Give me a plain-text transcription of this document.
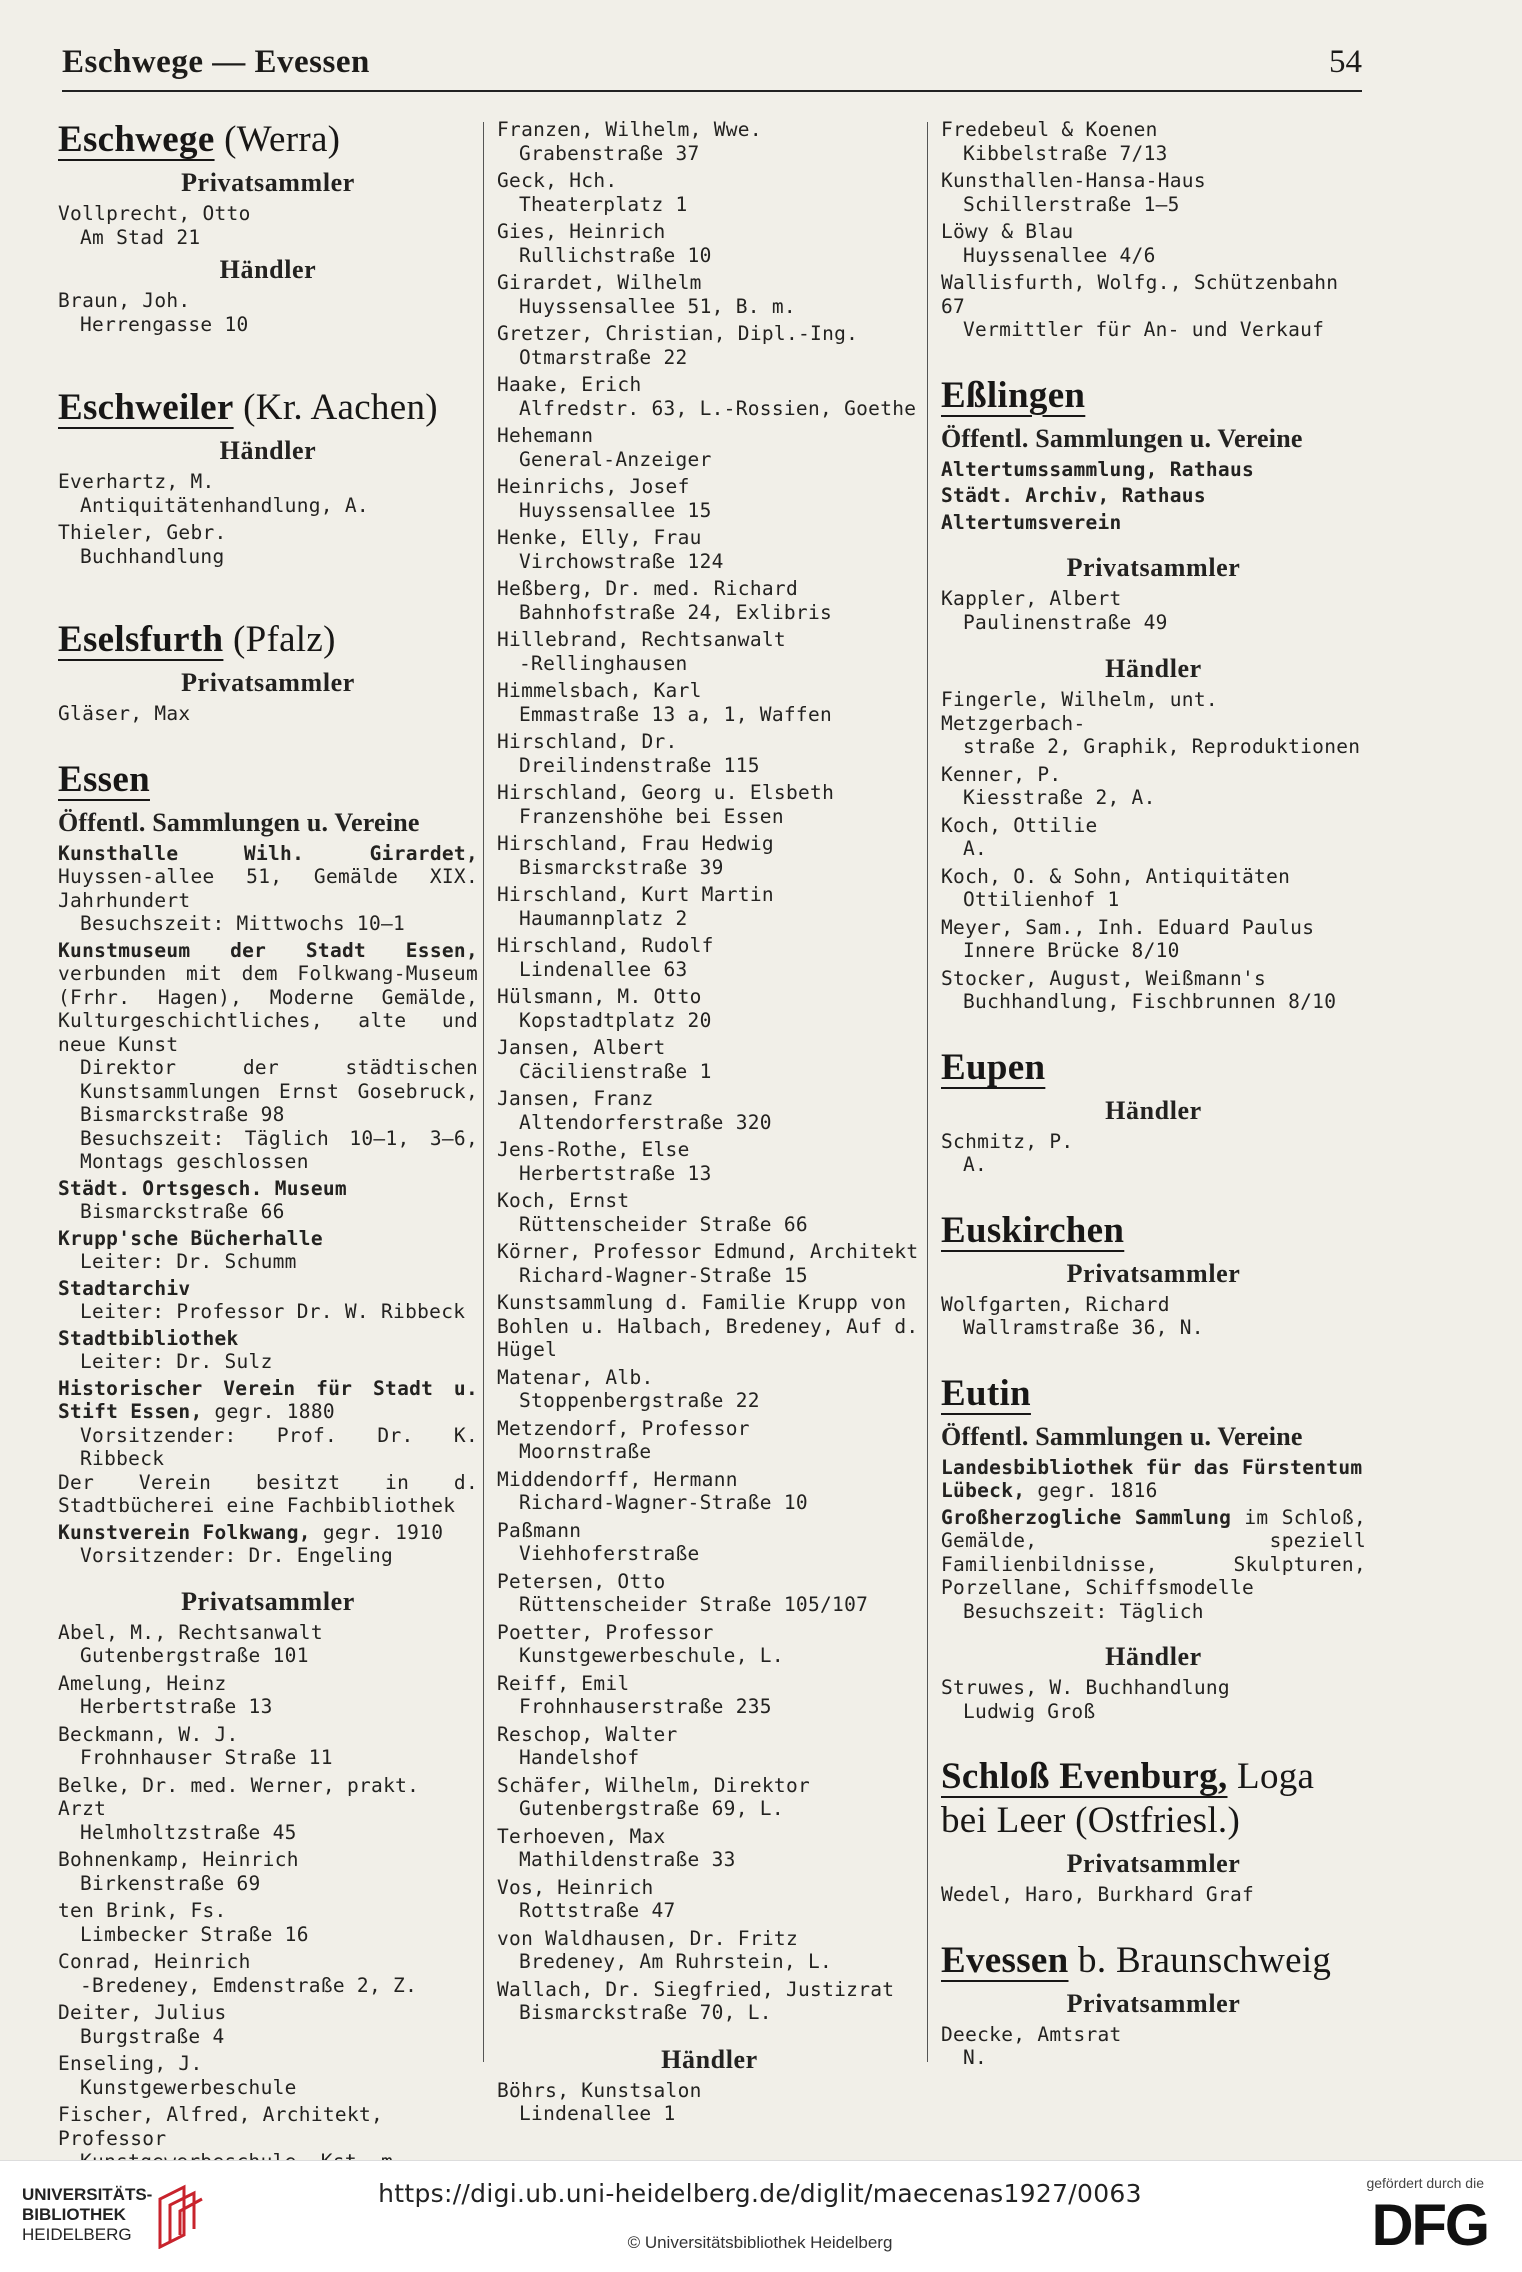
Eschwege — Evessen	54

Eschwege (Werra)

Privatsammler
Vollprecht, Otto
Am Stad 21
Händler
Braun, Joh.
Herrengasse 10

Eschweiler (Kr. Aachen)

Händler
Everhartz, M.
Antiquitätenhandlung, A.
Thieler, Gebr.
Buchhandlung

Eselsfurth (Pfalz)

Privatsammler
Gläser, Max

Essen

Öffentl. Sammlungen u. Vereine
Kunsthalle Wilh. Girardet, Huyssen-allee 51, Gemälde XIX. Jahrhundert
Besuchszeit: Mittwochs 10—1
Kunstmuseum der Stadt Essen, verbunden mit dem Folkwang-Museum (Frhr. Hagen), Moderne Gemälde, Kulturgeschichtliches, alte und neue Kunst
Direktor der städtischen Kunstsammlungen Ernst Gosebruck, Bismarckstraße 98
Besuchszeit: Täglich 10—1, 3—6, Montags geschlossen
Städt. Ortsgesch. Museum
Bismarckstraße 66
Krupp'sche Bücherhalle
Leiter: Dr. Schumm
Stadtarchiv
Leiter: Professor Dr. W. Ribbeck
Stadtbibliothek
Leiter: Dr. Sulz
Historischer Verein für Stadt u. Stift Essen, gegr. 1880
Vorsitzender: Prof. Dr. K. Ribbeck
Der Verein besitzt in d. Stadtbücherei eine Fachbibliothek
Kunstverein Folkwang, gegr. 1910
Vorsitzender: Dr. Engeling
Privatsammler
Abel, M., Rechtsanwalt
Gutenbergstraße 101
Amelung, Heinz
Herbertstraße 13
Beckmann, W. J.
Frohnhauser Straße 11
Belke, Dr. med. Werner, prakt. Arzt
Helmholtzstraße 45
Bohnenkamp, Heinrich
Birkenstraße 69
ten Brink, Fs.
Limbecker Straße 16
Conrad, Heinrich
-Bredeney, Emdenstraße 2, Z.
Deiter, Julius
Burgstraße 4
Enseling, J.
Kunstgewerbeschule
Fischer, Alfred, Architekt, Professor
Franzen, Wilhelm, Wwe.
Grabenstraße 37
Geck, Hch.
Theaterplatz 1
Gies, Heinrich
Rullichstraße 10
Girardet, Wilhelm
Huyssensallee 51, B. m.
Gretzer, Christian, Dipl.-Ing.
Otmarstraße 22
Haake, Erich
Alfredstr. 63, L.-Rossien, Goethe
Hehemann
General-Anzeiger
Heinrichs, Josef
Huyssensallee 15
Henke, Elly, Frau
Virchowstraße 124
Heßberg, Dr. med. Richard
Bahnhofstraße 24, Exlibris
Hillebrand, Rechtsanwalt
-Rellinghausen
Himmelsbach, Karl
Emmastraße 13 a, 1, Waffen
Hirschland, Dr.
Dreilindenstraße 115
Hirschland, Georg u. Elsbeth
Franzenshöhe bei Essen
Hirschland, Frau Hedwig
Bismarckstraße 39
Hirschland, Kurt Martin
Haumannplatz 2
Hirschland, Rudolf
Lindenallee 63
Hülsmann, M. Otto
Kopstadtplatz 20
Jansen, Albert
Cäcilienstraße 1
Jansen, Franz
Altendorferstraße 320
Jens-Rothe, Else
Herbertstraße 13
Koch, Ernst
Rüttenscheider Straße 66
Körner, Professor Edmund, Architekt
Richard-Wagner-Straße 15
Kunstsammlung d. Familie Krupp von Bohlen u. Halbach, Bredeney, Auf d. Hügel
Matenar, Alb.
Stoppenbergstraße 22
Metzendorf, Professor
Moornstraße
Middendorff, Hermann
Richard-Wagner-Straße 10
Paßmann
Viehhoferstraße
Petersen, Otto
Rüttenscheider Straße 105/107
Poetter, Professor
Kunstgewerbeschule, L.
Reiff, Emil
Frohnhauserstraße 235
Reschop, Walter
Handelshof
Schäfer, Wilhelm, Direktor
Gutenbergstraße 69, L.
Terhoeven, Max
Mathildenstraße 33
Vos, Heinrich
Rottstraße 47
von Waldhausen, Dr. Fritz
Bredeney, Am Ruhrstein, L.
Wallach, Dr. Siegfried, Justizrat
Bismarckstraße 70, L.
Händler
Böhrs, Kunstsalon
Lindenallee 1
Fredebeul & Koenen
Kibbelstraße 7/13
Kunsthallen-Hansa-Haus
Schillerstraße 1—5
Löwy & Blau
Huyssenallee 4/6
Wallisfurth, Wolfg., Schützenbahn 67
Vermittler für An- und Verkauf

Eßlingen

Öffentl. Sammlungen u. Vereine
Altertumssammlung, Rathaus
Städt. Archiv, Rathaus
Altertumsverein
Privatsammler
Kappler, Albert
Paulinenstraße 49
Händler
Fingerle, Wilhelm, unt. Metzgerbach-
straße 2, Graphik, Reproduktionen
Kenner, P.
Kiesstraße 2, A.
Koch, Ottilie
A.
Koch, O. & Sohn, Antiquitäten
Ottilienhof 1
Meyer, Sam., Inh. Eduard Paulus
Innere Brücke 8/10
Stocker, August, Weißmann's
Buchhandlung, Fischbrunnen 8/10

Eupen

Händler
Schmitz, P.
A.

Euskirchen

Privatsammler
Wolfgarten, Richard
Wallramstraße 36, N.

Eutin

Öffentl. Sammlungen u. Vereine
Landesbibliothek für das Fürstentum Lübeck, gegr. 1816
Großherzogliche Sammlung im Schloß, Gemälde, speziell Familienbildnisse, Skulpturen, Porzellane, Schiffsmodelle
Besuchszeit: Täglich
Händler
Struwes, W. Buchhandlung
Ludwig Groß

Schloß Evenburg, Loga
bei Leer (Ostfriesl.)

Privatsammler
Wedel, Haro, Burkhard Graf

Evessen b. Braunschweig

Privatsammler
Deecke, Amtsrat
N.
UNIVERSITÄTS-
BIBLIOTHEK
HEIDELBERG
https://digi.ub.uni-heidelberg.de/diglit/maecenas1927/0063
© Universitätsbibliothek Heidelberg
gefördert durch die
DFG
